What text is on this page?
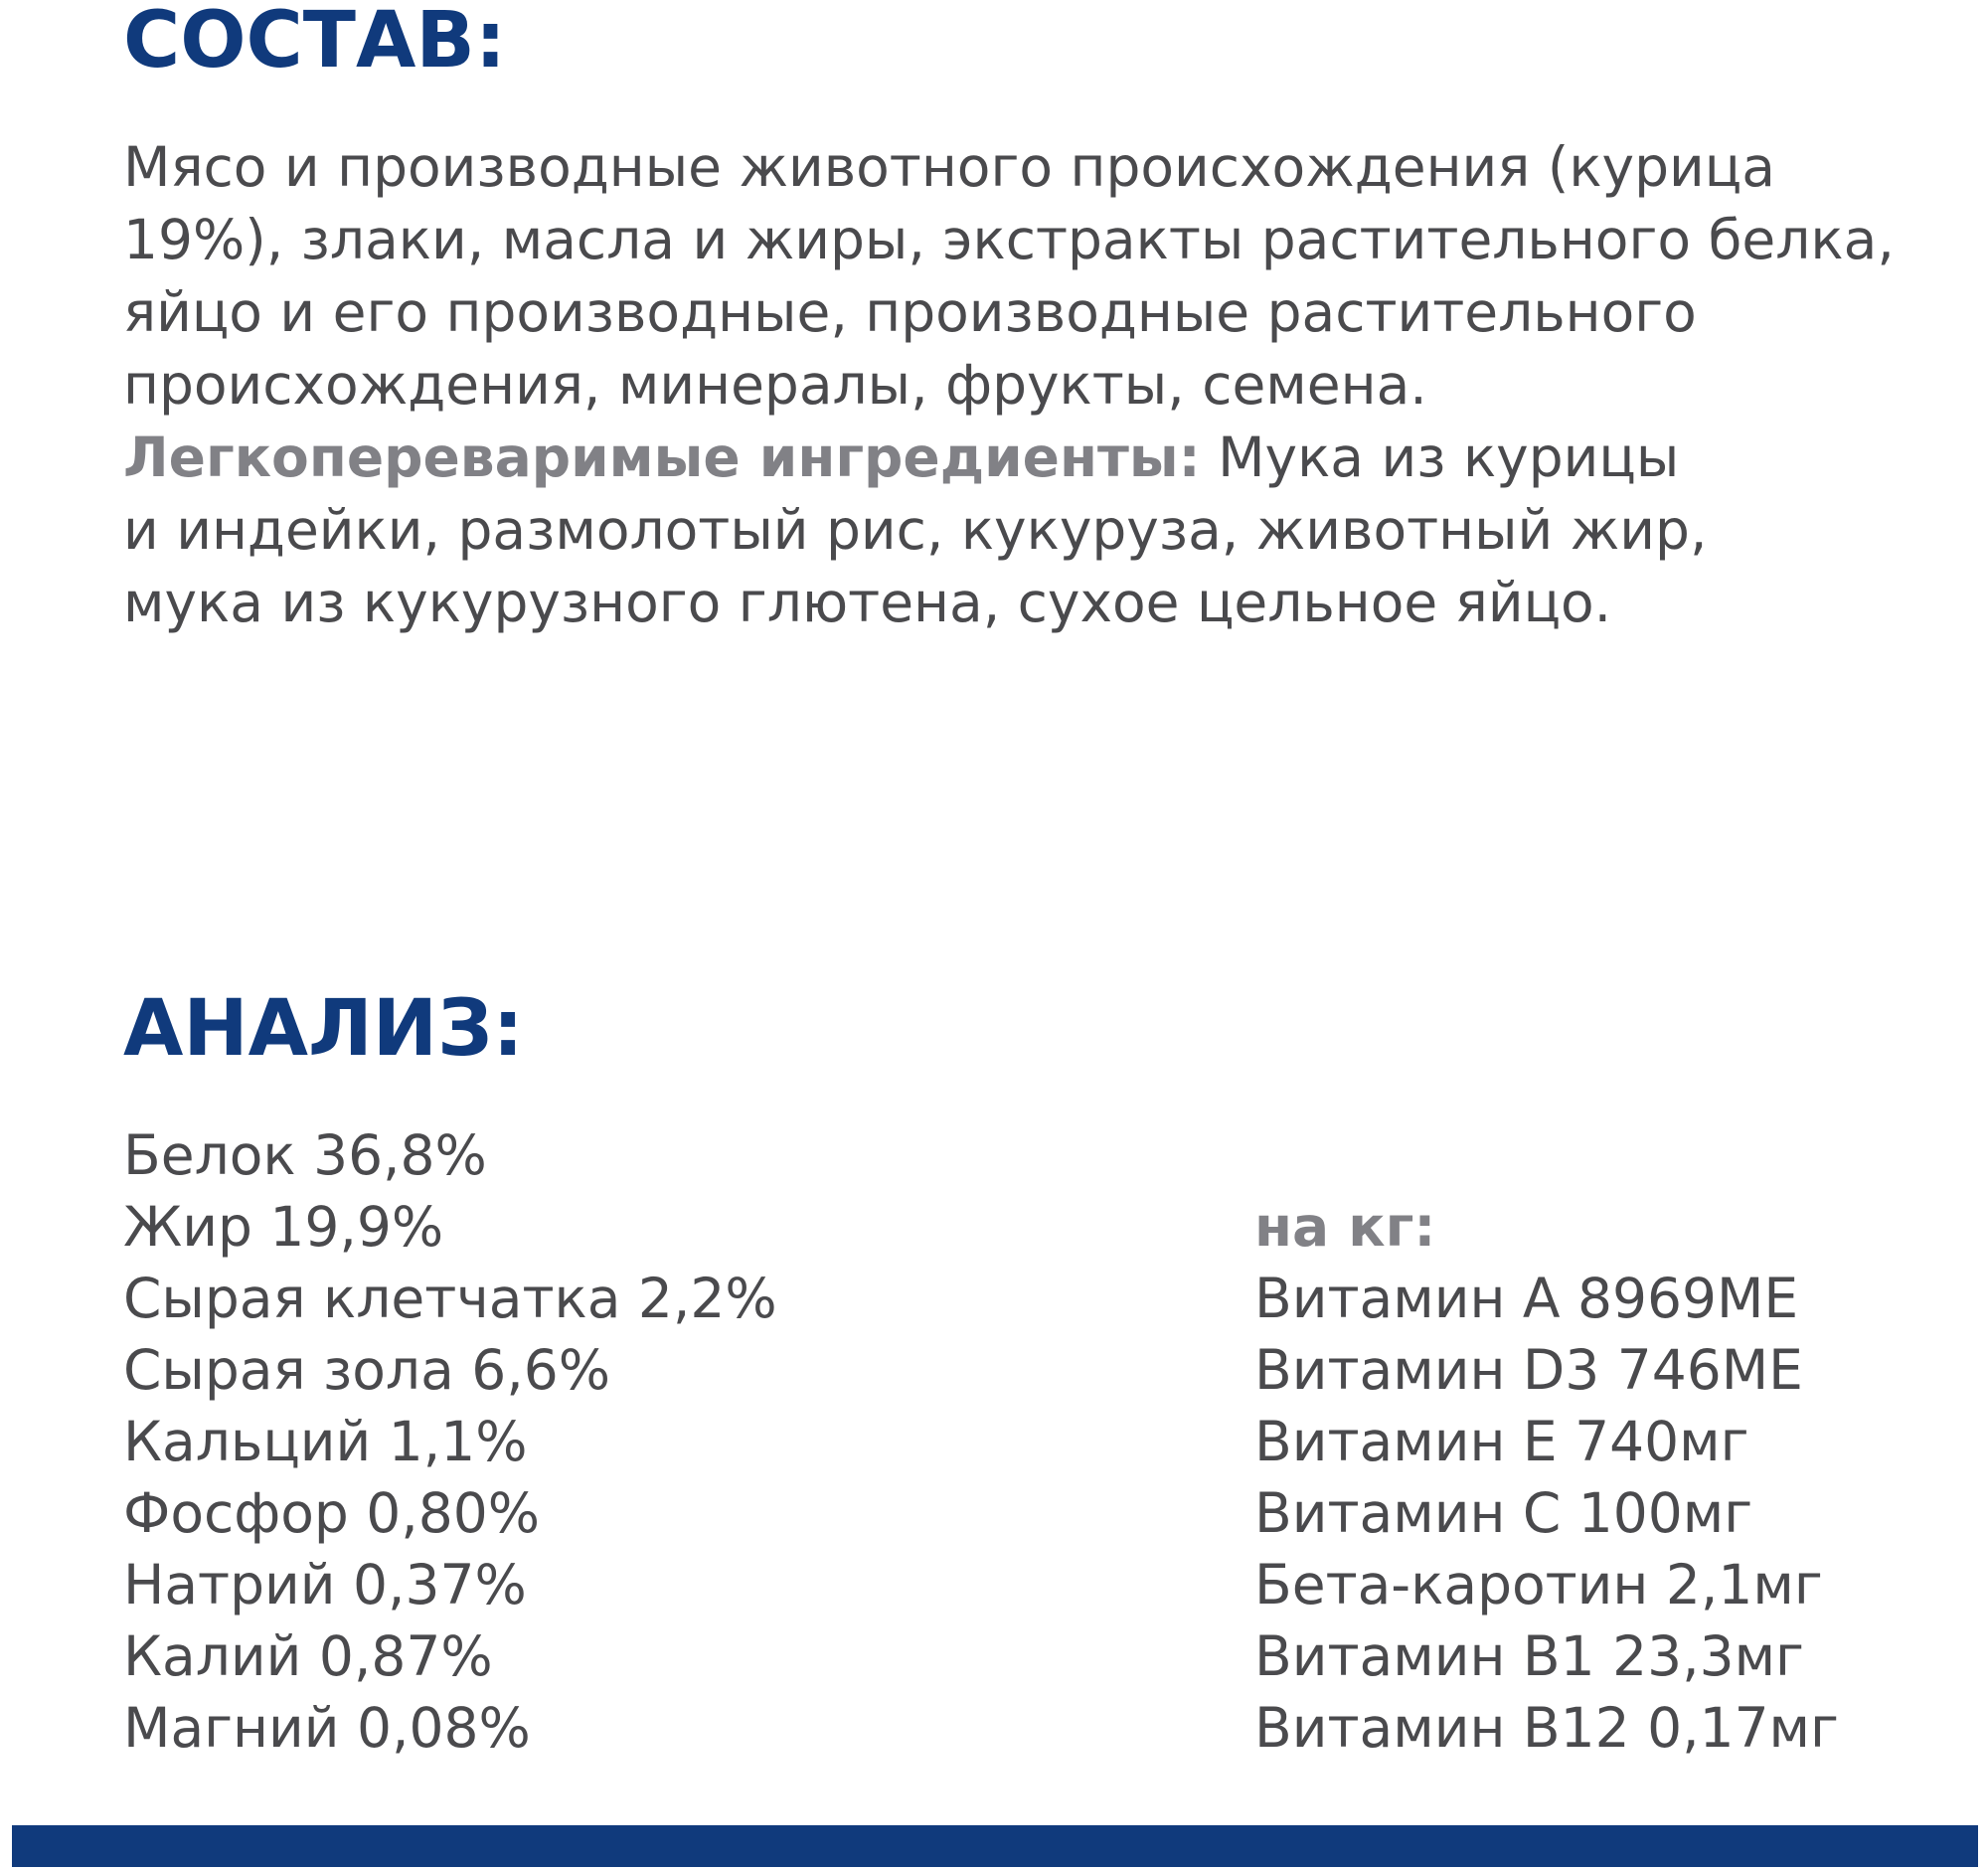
СОСТАВ:
Мясо и производные животного происхождения (курица
19%), злаки, масла и жиры, экстракты растительного белка,
яйцо и его производные, производные растительного
происхождения, минералы, фрукты, семена.
Легкопереваримые ингредиенты: Мука из курицы
и индейки, размолотый рис, кукуруза, животный жир,
мука из кукурузного глютена, сухое цельное яйцо.
АНАЛИЗ:
Белок 36,8%
Жир 19,9%
Сырая клетчатка 2,2%
Сырая зола 6,6%
Кальций 1,1%
Фосфор 0,80%
Натрий 0,37%
Калий 0,87%
Магний 0,08%
на кг:
Витамин А 8969МЕ
Витамин D3 746МЕ
Витамин Е 740мг
Витамин С 100мг
Бета-каротин 2,1мг
Витамин В1 23,3мг
Витамин В12 0,17мг
